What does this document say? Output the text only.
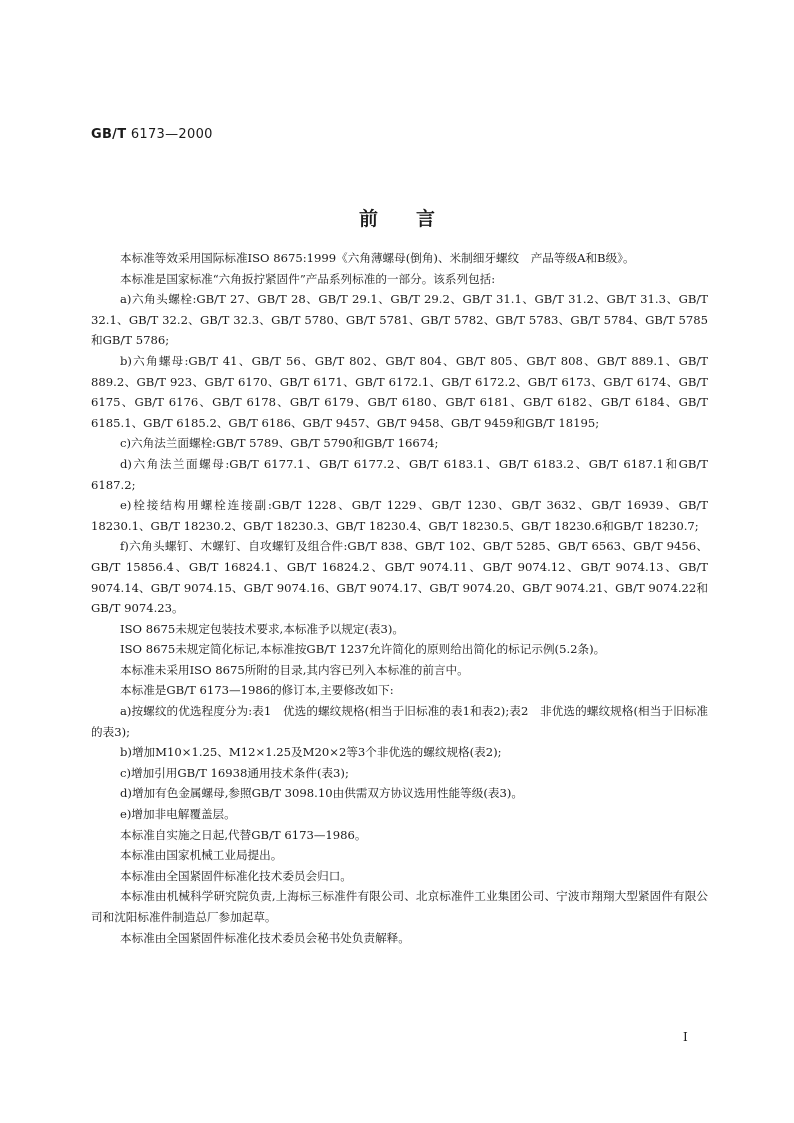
GB/T 6173—2000
前言

本标准等效采用国际标准ISO 8675:1999《六角薄螺母(倒角)、米制细牙螺纹　产品等级A和B级》。

本标准是国家标准“六角扳拧紧固件”产品系列标准的一部分。该系列包括:

a)六角头螺栓:GB/T 27、GB/T 28、GB/T 29.1、GB/T 29.2、GB/T 31.1、GB/T 31.2、GB/T 31.3、GB/T 32.1、GB/T 32.2、GB/T 32.3、GB/T 5780、GB/T 5781、GB/T 5782、GB/T 5783、GB/T 5784、GB/T 5785和GB/T 5786;

b)六角螺母:GB/T 41、GB/T 56、GB/T 802、GB/T 804、GB/T 805、GB/T 808、GB/T 889.1、GB/T 889.2、GB/T 923、GB/T 6170、GB/T 6171、GB/T 6172.1、GB/T 6172.2、GB/T 6173、GB/T 6174、GB/T 6175、GB/T 6176、GB/T 6178、GB/T 6179、GB/T 6180、GB/T 6181、GB/T 6182、GB/T 6184、GB/T 6185.1、GB/T 6185.2、GB/T 6186、GB/T 9457、GB/T 9458、GB/T 9459和GB/T 18195;

c)六角法兰面螺栓:GB/T 5789、GB/T 5790和GB/T 16674;

d)六角法兰面螺母:GB/T 6177.1、GB/T 6177.2、GB/T 6183.1、GB/T 6183.2、GB/T 6187.1和GB/T 6187.2;

e)栓接结构用螺栓连接副:GB/T 1228、GB/T 1229、GB/T 1230、GB/T 3632、GB/T 16939、GB/T 18230.1、GB/T 18230.2、GB/T 18230.3、GB/T 18230.4、GB/T 18230.5、GB/T 18230.6和GB/T 18230.7;

f)六角头螺钉、木螺钉、自攻螺钉及组合件:GB/T 838、GB/T 102、GB/T 5285、GB/T 6563、GB/T 9456、GB/T 15856.4、GB/T 16824.1、GB/T 16824.2、GB/T 9074.11、GB/T 9074.12、GB/T 9074.13、GB/T 9074.14、GB/T 9074.15、GB/T 9074.16、GB/T 9074.17、GB/T 9074.20、GB/T 9074.21、GB/T 9074.22和GB/T 9074.23。

ISO 8675未规定包装技术要求,本标准予以规定(表3)。

ISO 8675未规定简化标记,本标准按GB/T 1237允许简化的原则给出简化的标记示例(5.2条)。

本标准未采用ISO 8675所附的目录,其内容已列入本标准的前言中。

本标准是GB/T 6173—1986的修订本,主要修改如下:

a)按螺纹的优选程度分为:表1　优选的螺纹规格(相当于旧标准的表1和表2);表2　非优选的螺纹规格(相当于旧标准的表3);

b)增加M10×1.25、M12×1.25及M20×2等3个非优选的螺纹规格(表2);

c)增加引用GB/T 16938通用技术条件(表3);

d)增加有色金属螺母,参照GB/T 3098.10由供需双方协议选用性能等级(表3)。

e)增加非电解覆盖层。

本标准自实施之日起,代替GB/T 6173—1986。

本标准由国家机械工业局提出。

本标准由全国紧固件标准化技术委员会归口。

本标准由机械科学研究院负责,上海标三标准件有限公司、北京标准件工业集团公司、宁波市翔翔大型紧固件有限公司和沈阳标准件制造总厂参加起草。

本标准由全国紧固件标准化技术委员会秘书处负责解释。

I
